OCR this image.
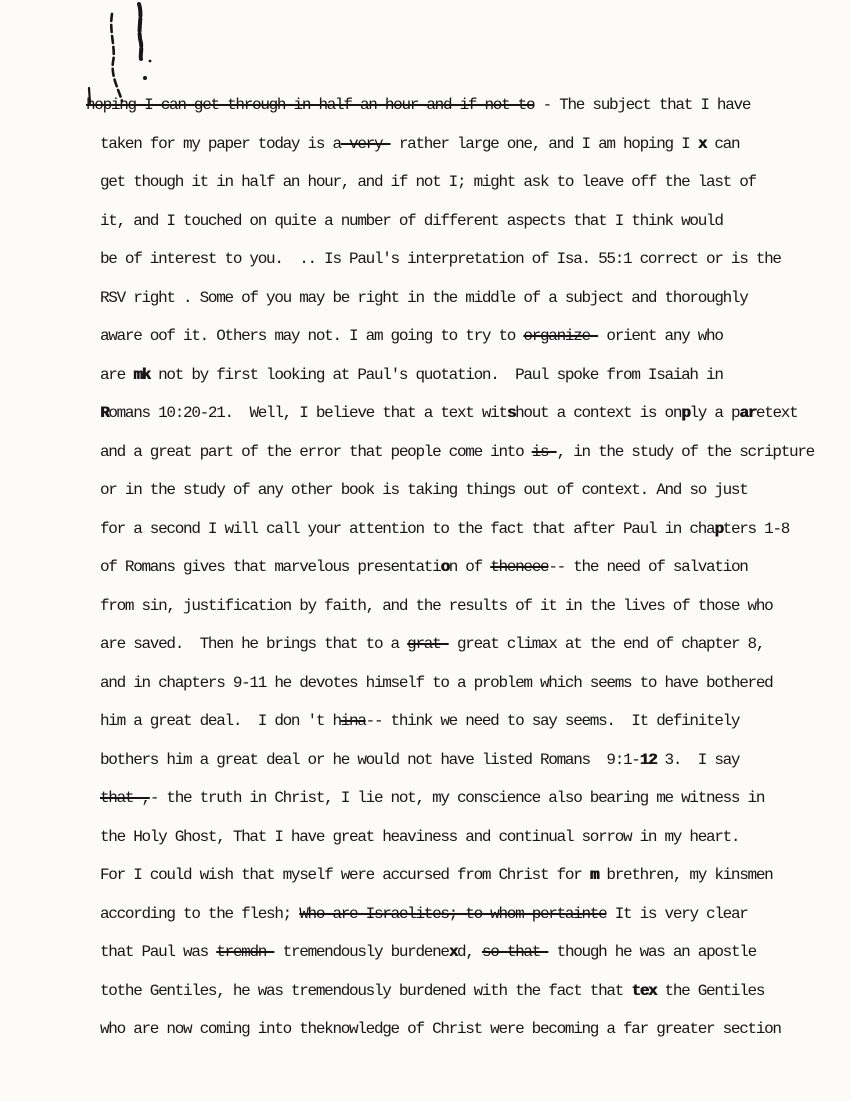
hoping I can get through in half an hour and if not to - The subject that I have
taken for my paper today is a-very- rather large one, and I am hoping I x can
get though it in half an hour, and if not I; might ask to leave off the last of
it, and I touched on quite a number of different aspects that I think would
be of interest to you.  .. Is Paul's interpretation of Isa. 55:1 correct or is the
RSV right . Some of you may be right in the middle of a subject and thoroughly
aware oof it. Others may not. I am going to try to organize- orient any who
are mk not by first looking at Paul's quotation.  Paul spoke from Isaiah in
Romans 10:20-21.  Well, I believe that a text witshout a context is onply a paretext
and a great part of the error that people come into is-, in the study of the scripture
or in the study of any other book is taking things out of context. And so just
for a second I will call your attention to the fact that after Paul in chapters 1-8
of Romans gives that marvelous presentation of theneee-- the need of salvation
from sin, justification by faith, and the results of it in the lives of those who
are saved.  Then he brings that to a grat- great climax at the end of chapter 8,
and in chapters 9-11 he devotes himself to a problem which seems to have bothered
him a great deal.  I don 't hina-- think we need to say seems.  It definitely
bothers him a great deal or he would not have listed Romans  9:1-12 3.  I say
that ,- the truth in Christ, I lie not, my conscience also bearing me witness in
the Holy Ghost, That I have great heaviness and continual sorrow in my heart.
For I could wish that myself were accursed from Christ for m brethren, my kinsmen
according to the flesh; Who are Israelites; to whom pertainte It is very clear
that Paul was tremdn- tremendously burdenexd, so that- though he was an apostle
tothe Gentiles, he was tremendously burdened with the fact that tex the Gentiles
who are now coming into theknowledge of Christ were becoming a far greater section
